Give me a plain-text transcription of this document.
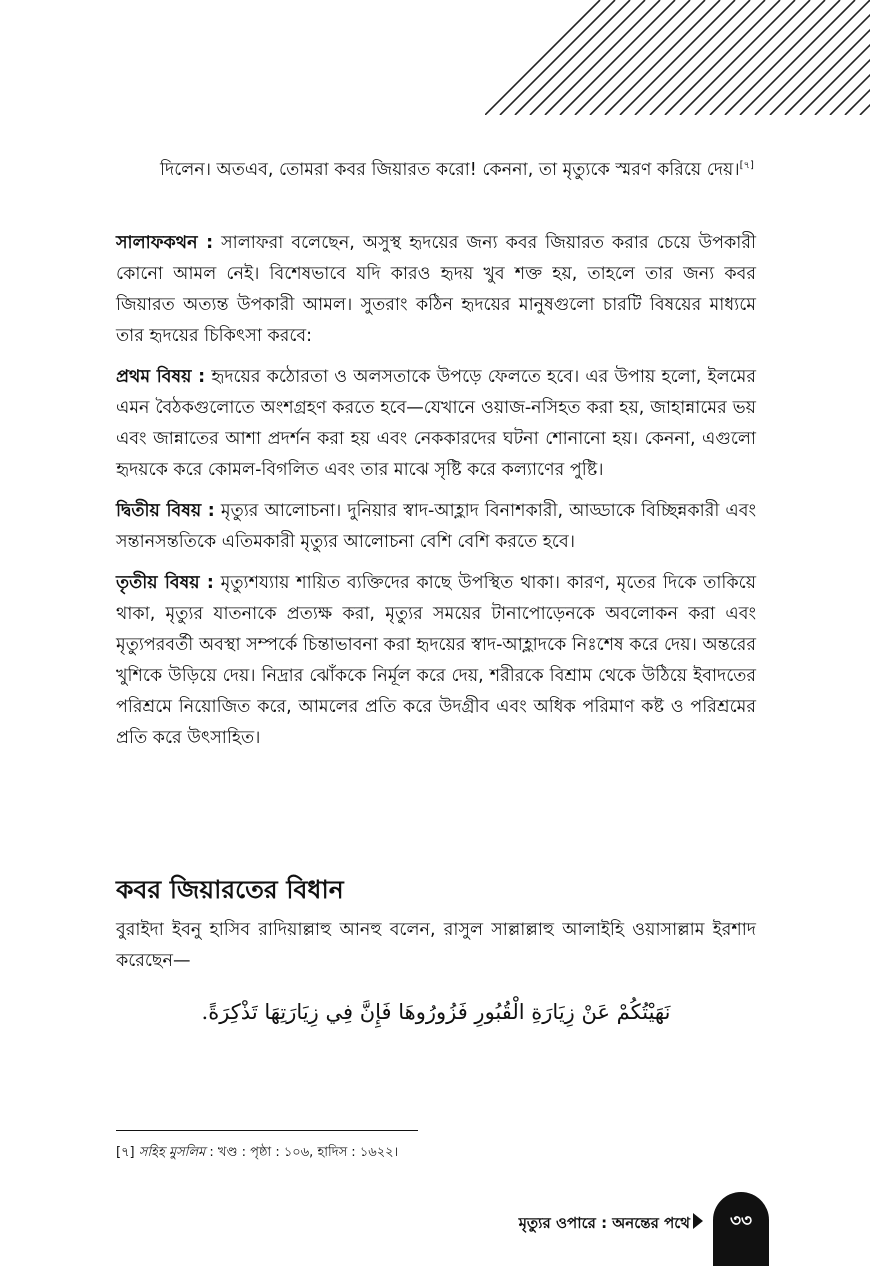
দিলেন। অতএব, তোমরা কবর জিয়ারত করো! কেননা, তা মৃত্যুকে স্মরণ করিয়ে দেয়।[৭]

সালাফকথন : সালাফরা বলেছেন, অসুস্থ হৃদয়ের জন্য কবর জিয়ারত করার চেয়ে উপকারী কোনো আমল নেই। বিশেষভাবে যদি কারও হৃদয় খুব শক্ত হয়, তাহলে তার জন্য কবর জিয়ারত অত্যন্ত উপকারী আমল। সুতরাং কঠিন হৃদয়ের মানুষগুলো চারটি বিষয়ের মাধ্যমে তার হৃদয়ের চিকিৎসা করবে:

প্রথম বিষয় : হৃদয়ের কঠোরতা ও অলসতাকে উপড়ে ফেলতে হবে। এর উপায় হলো, ইলমের এমন বৈঠকগুলোতে অংশগ্রহণ করতে হবে—যেখানে ওয়াজ-নসিহত করা হয়, জাহান্নামের ভয় এবং জান্নাতের আশা প্রদর্শন করা হয় এবং নেককারদের ঘটনা শোনানো হয়। কেননা, এগুলো হৃদয়কে করে কোমল-বিগলিত এবং তার মাঝে সৃষ্টি করে কল্যাণের পুষ্টি।

দ্বিতীয় বিষয় : মৃত্যুর আলোচনা। দুনিয়ার স্বাদ-আহ্লাদ বিনাশকারী, আড্ডাকে বিচ্ছিন্নকারী এবং সন্তানসন্ততিকে এতিমকারী মৃত্যুর আলোচনা বেশি বেশি করতে হবে।

তৃতীয় বিষয় : মৃত্যুশয্যায় শায়িত ব্যক্তিদের কাছে উপস্থিত থাকা। কারণ, মৃতের দিকে তাকিয়ে থাকা, মৃত্যুর যাতনাকে প্রত্যক্ষ করা, মৃত্যুর সময়ের টানাপোড়েনকে অবলোকন করা এবং মৃত্যুপরবর্তী অবস্থা সম্পর্কে চিন্তাভাবনা করা হৃদয়ের স্বাদ-আহ্লাদকে নিঃশেষ করে দেয়। অন্তরের খুশিকে উড়িয়ে দেয়। নিদ্রার ঝোঁককে নির্মূল করে দেয়, শরীরকে বিশ্রাম থেকে উঠিয়ে ইবাদতের পরিশ্রমে নিয়োজিত করে, আমলের প্রতি করে উদগ্রীব এবং অধিক পরিমাণ কষ্ট ও পরিশ্রমের প্রতি করে উৎসাহিত।

কবর জিয়ারতের বিধান
বুরাইদা ইবনু হাসিব রাদিয়াল্লাহু আনহু বলেন, রাসুল সাল্লাল্লাহু আলাইহি ওয়াসাল্লাম ইরশাদ করেছেন—
نَهَيْتُكُمْ عَنْ زِيَارَةِ الْقُبُورِ فَزُورُوهَا فَإِنَّ فِي زِيَارَتِهَا تَذْكِرَةً.
[৭] সহিহ মুসলিম : খণ্ড : পৃষ্ঠা : ১০৬, হাদিস : ১৬২২।
মৃত্যুর ওপারে : অনন্তের পথে	৩৩
